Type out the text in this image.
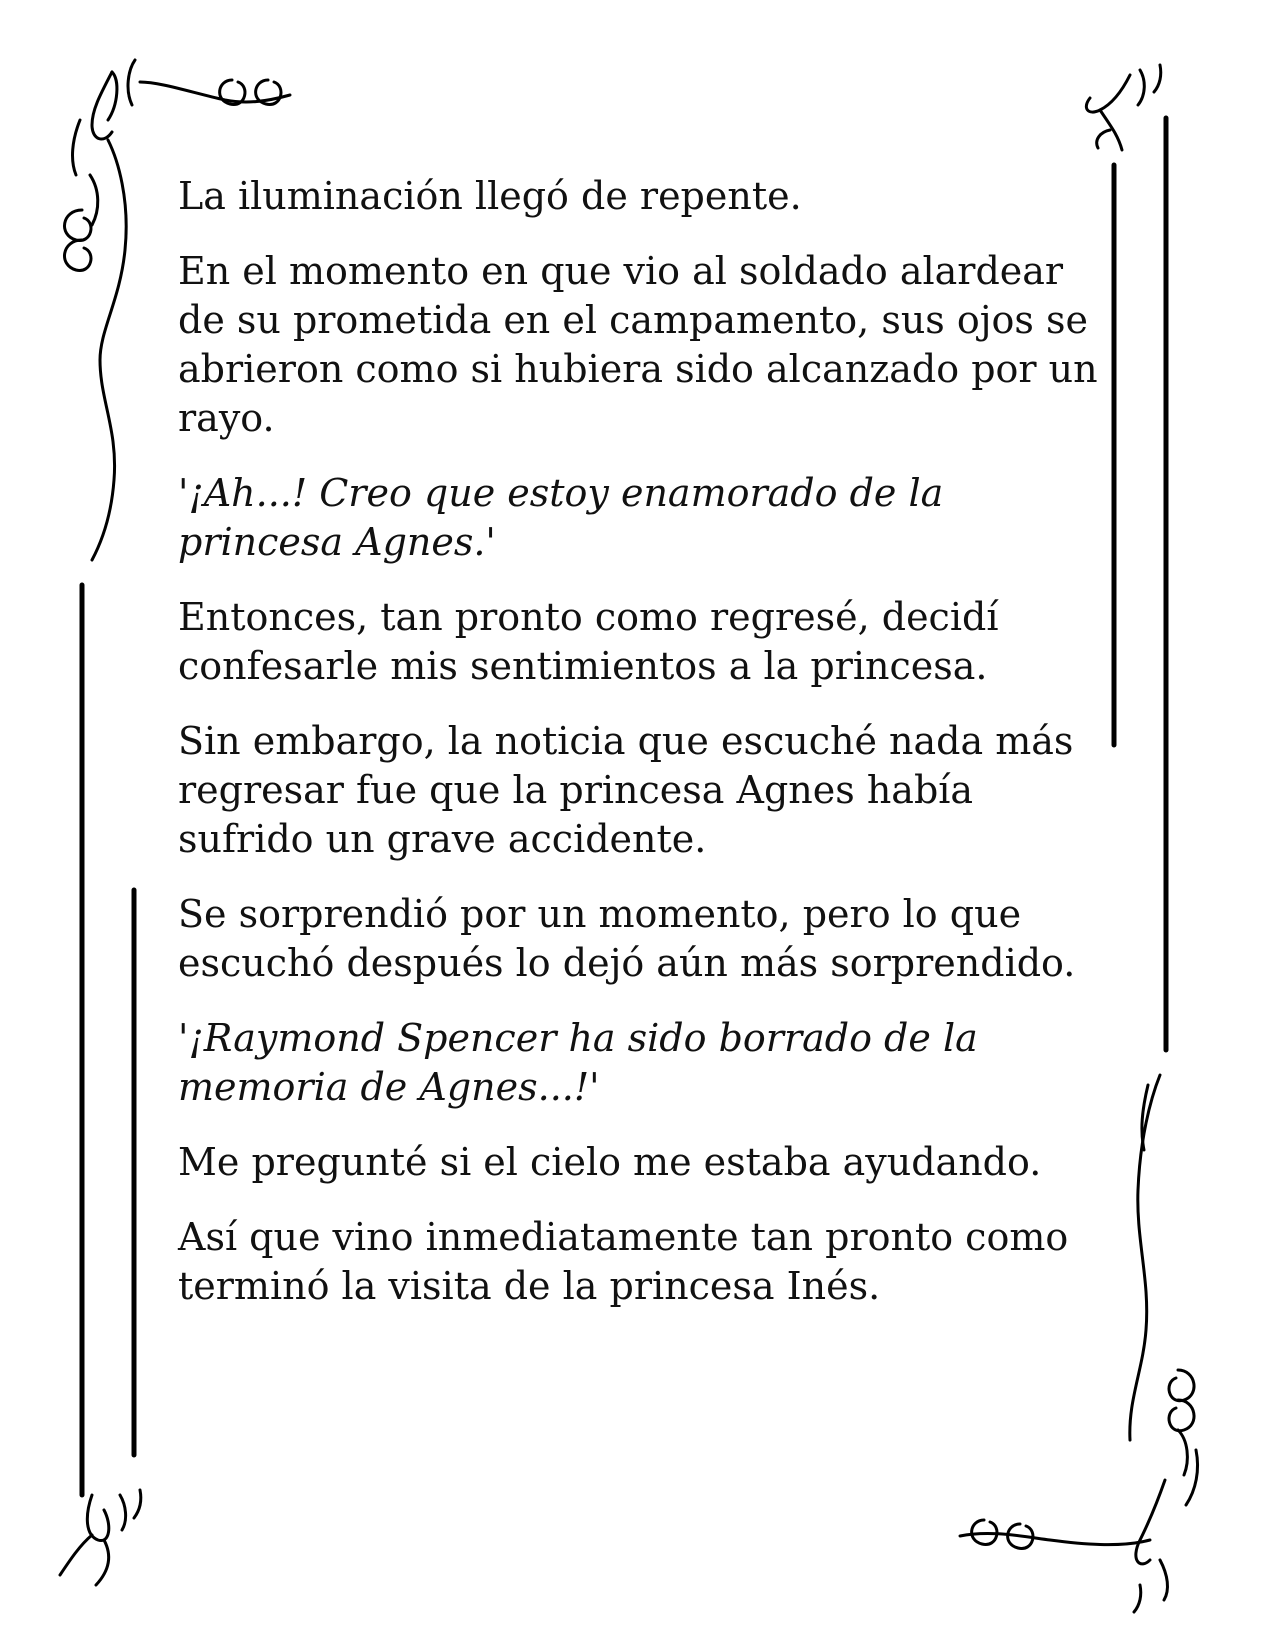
La iluminación llegó de repente.

En el momento en que vio al soldado alardear de su prometida en el campamento, sus ojos se abrieron como si hubiera sido alcanzado por un rayo.

'¡Ah...! Creo que estoy enamorado de la princesa Agnes.'

Entonces, tan pronto como regresé, decidí confesarle mis sentimientos a la princesa.

Sin embargo, la noticia que escuché nada más regresar fue que la princesa Agnes había sufrido un grave accidente.

Se sorprendió por un momento, pero lo que escuchó después lo dejó aún más sorprendido.

'¡Raymond Spencer ha sido borrado de la memoria de Agnes...!'

Me pregunté si el cielo me estaba ayudando.

Así que vino inmediatamente tan pronto como terminó la visita de la princesa Inés.
